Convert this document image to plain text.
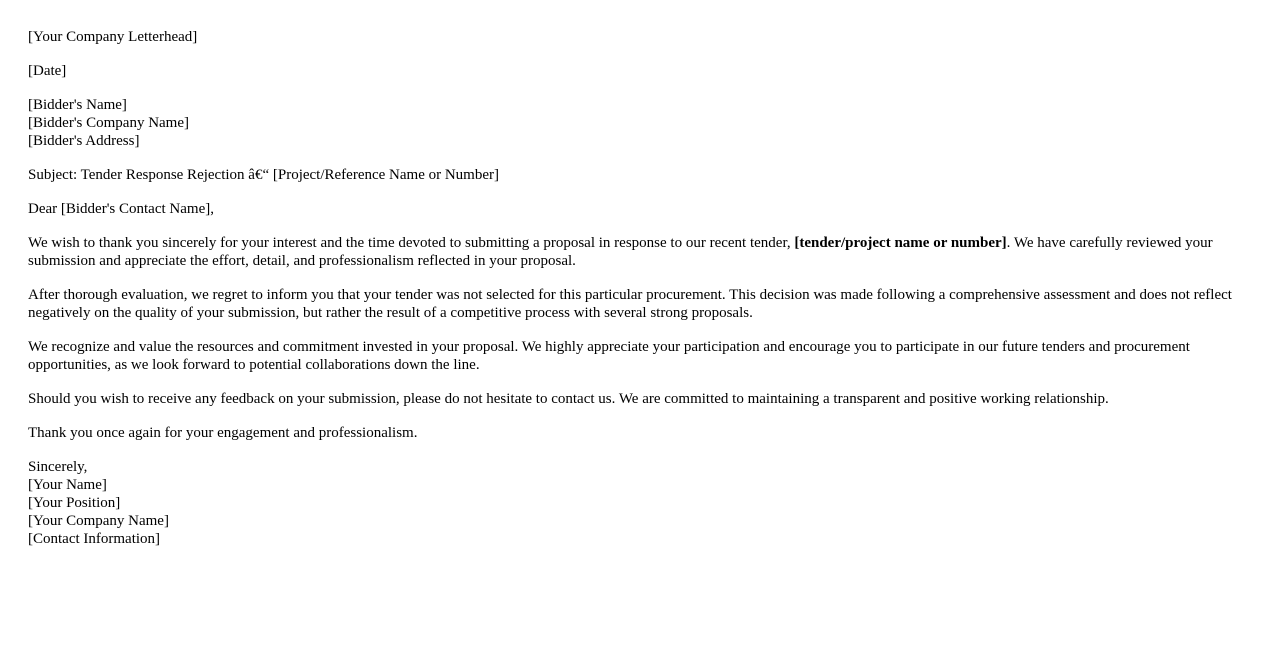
[Your Company Letterhead]

[Date]

[Bidder's Name]
[Bidder's Company Name]
[Bidder's Address]

Subject: Tender Response Rejection â€“ [Project/Reference Name or Number]

Dear [Bidder's Contact Name],

We wish to thank you sincerely for your interest and the time devoted to submitting a proposal in response to our recent tender, [tender/project name or number]. We have carefully reviewed your submission and appreciate the effort, detail, and professionalism reflected in your proposal.

After thorough evaluation, we regret to inform you that your tender was not selected for this particular procurement. This decision was made following a comprehensive assessment and does not reflect negatively on the quality of your submission, but rather the result of a competitive process with several strong proposals.

We recognize and value the resources and commitment invested in your proposal. We highly appreciate your participation and encourage you to participate in our future tenders and procurement opportunities, as we look forward to potential collaborations down the line.

Should you wish to receive any feedback on your submission, please do not hesitate to contact us. We are committed to maintaining a transparent and positive working relationship.

Thank you once again for your engagement and professionalism.

Sincerely,
[Your Name]
[Your Position]
[Your Company Name]
[Contact Information]
